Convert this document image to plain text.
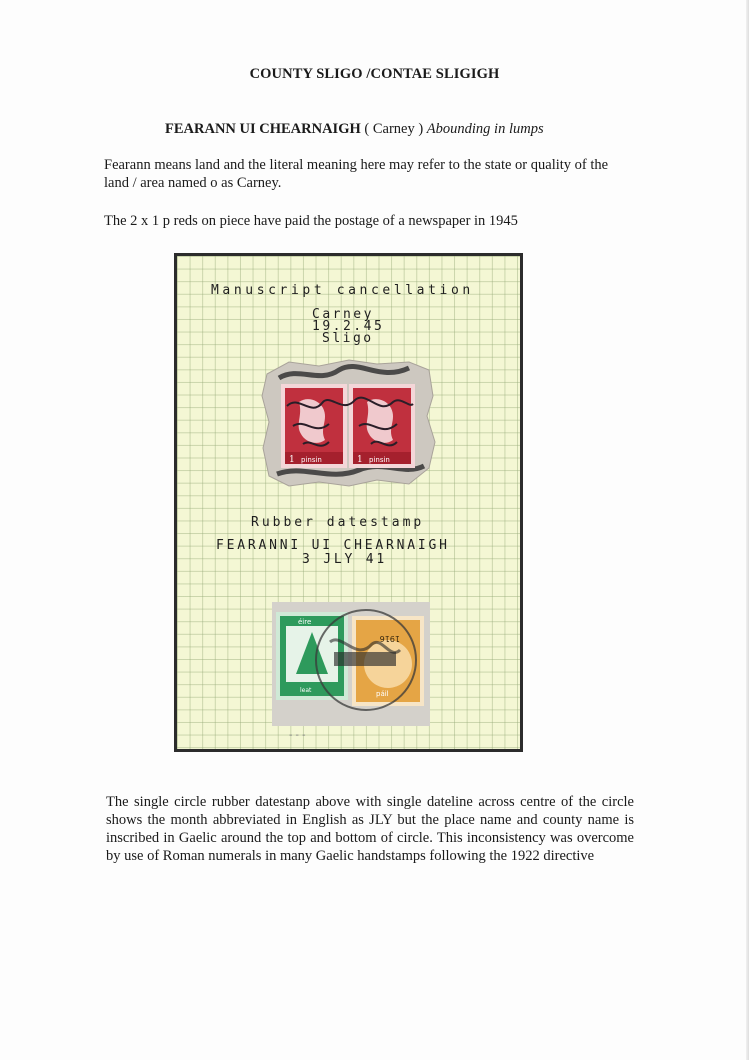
COUNTY SLIGO /CONTAE SLIGIGH
FEARANN UI CHEARNAIGH ( Carney ) Abounding in lumps

Fearann means land and the literal meaning here may refer to the state or quality of the land / area named o as Carney.

The 2 x 1 p reds on piece have paid the postage of a newspaper in 1945

Manuscript cancellation
Carney
19.2.45
Sligo
1 pinsin	1 pinsin
Rubber datestamp
FEARANNI UI CHEARNAIGH
3 JLY 41
éire
leat
1916
páil
- - -

The single circle rubber datestanp above with single dateline across centre of the circle shows the month abbreviated in English as JLY but the place name and county name is inscribed in Gaelic around the top and bottom of circle. This inconsistency was overcome by use of Roman numerals in many Gaelic handstamps following the 1922 directive
